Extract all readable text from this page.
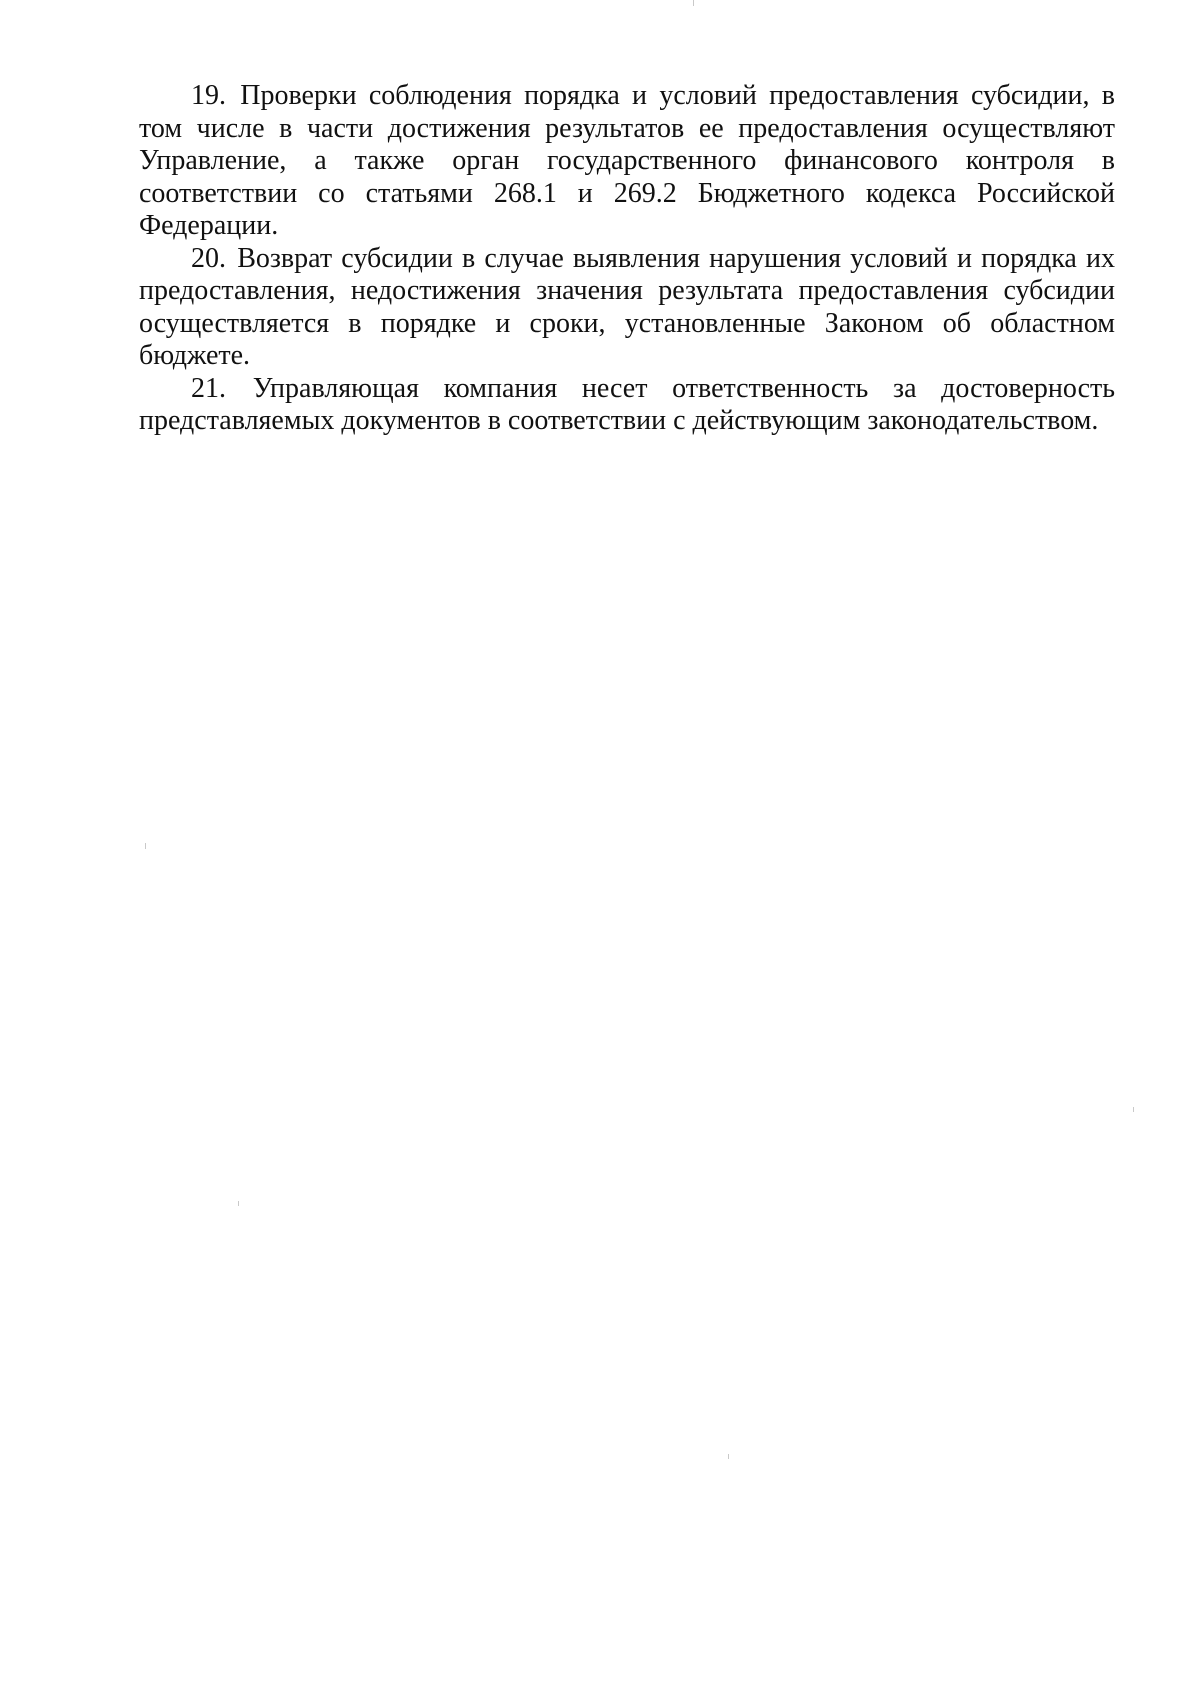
19. Проверки соблюдения порядка и условий предоставления субсидии, в том числе в части достижения результатов ее предоставления осуществляют Управление, а также орган государственного финансового контроля в соответствии со статьями 268.1 и 269.2 Бюджетного кодекса Российской Федерации.

20. Возврат субсидии в случае выявления нарушения условий и порядка их предоставления, недостижения значения результата предоставления субсидии осуществляется в порядке и сроки, установленные Законом об областном бюджете.

21. Управляющая компания несет ответственность за достоверность представляемых документов в соответствии с действующим законодательством.
